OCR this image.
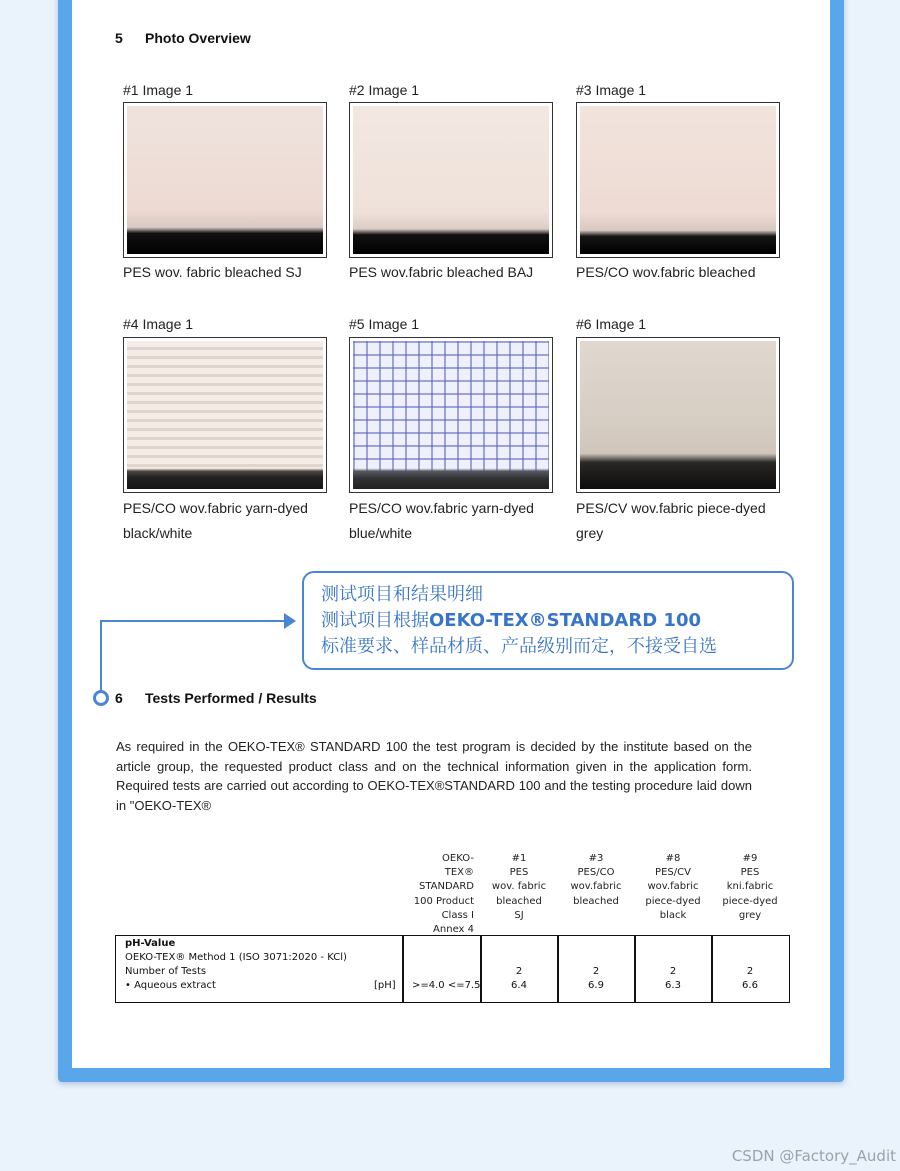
5 Photo Overview
#1 Image 1
PES wov. fabric bleached SJ
#2 Image 1
PES wov.fabric bleached BAJ
#3 Image 1
PES/CO wov.fabric bleached
#4 Image 1
PES/CO wov.fabric yarn-dyed
black/white
#5 Image 1
PES/CO wov.fabric yarn-dyed
blue/white
#6 Image 1
PES/CV wov.fabric piece-dyed
grey
测试项目和结果明细
测试项目根据OEKO-TEX®STANDARD 100
标准要求、样品材质、产品级别而定，不接受自选
6 Tests Performed / Results
As required in the OEKO-TEX® STANDARD 100 the test program is decided by the institute based on the article group, the requested product class and on the technical information given in the application form. Required tests are carried out according to OEKO-TEX®STANDARD 100 and the testing procedure laid down in "OEKO-TEX®
OEKO-
TEX®
STANDARD
100 Product
Class I
Annex 4
#1
PES
wov. fabric
bleached
SJ
#3
PES/CO
wov.fabric
bleached
#8
PES/CV
wov.fabric
piece-dyed
black
#9
PES
kni.fabric
piece-dyed
grey
pH-Value
OEKO-TEX® Method 1 (ISO 3071:2020 - KCl)
Number of Tests
• Aqueous extract	[pH] >=4.0 <=7.5
2
6.4
2
6.9
2
6.3
2
6.6
CSDN @Factory_Audit
